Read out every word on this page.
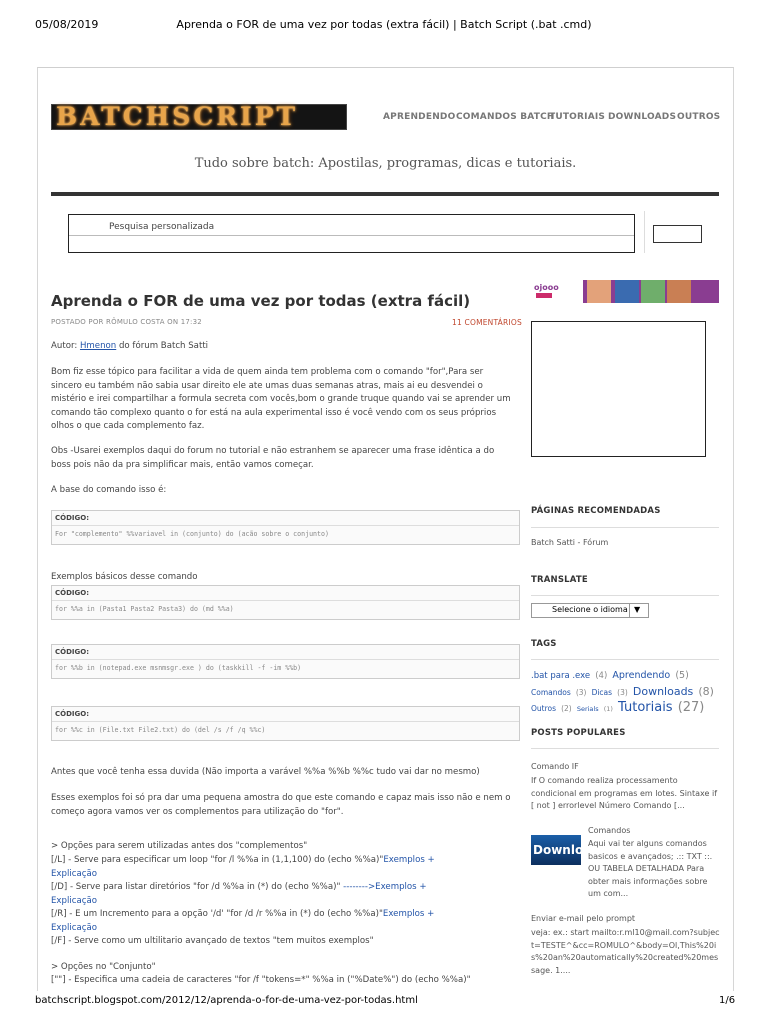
05/08/2019	Aprenda o FOR de uma vez por todas (extra fácil) | Batch Script (.bat .cmd)
BATCHSCRIPT	APRENDENDO COMANDOS BATCH
TUTORIAIS DOWNLOADS OUTROS
Tudo sobre batch: Apostilas, programas, dicas e tutoriais.
Pesquisa personalizada
Aprenda o FOR de uma vez por todas (extra fácil)
POSTADO POR RÔMULO COSTA ON 17:32	11 COMENTÁRIOS
Autor: Hmenon do fórum Batch Satti
Bom fiz esse tópico para facilitar a vida de quem ainda tem problema com o comando "for",Para ser sincero eu também não sabia usar direito ele ate umas duas semanas atras, mais ai eu desvendei o mistério e irei compartilhar a formula secreta com vocês,bom o grande truque quando vai se aprender um comando tão complexo quanto o for está na aula experimental isso é você vendo com os seus próprios olhos o que cada complemento faz.
Obs -Usarei exemplos daqui do forum no tutorial e não estranhem se aparecer uma frase idêntica a do boss pois não da pra simplificar mais, então vamos começar.
A base do comando isso é:
CÓDIGO:
For "complemento" %%variavel in (conjunto) do (acão sobre o conjunto)
Exemplos básicos desse comando
CÓDIGO:
for %%a in (Pasta1 Pasta2 Pasta3) do (md %%a)
CÓDIGO:
for %%b in (notepad.exe msnmsgr.exe ) do (taskkill -f -im %%b)
CÓDIGO:
for %%c in (File.txt File2.txt) do (del /s /f /q %%c)
Antes que você tenha essa duvida (Não importa a varável %%a %%b %%c tudo vai dar no mesmo)
Esses exemplos foi só pra dar uma pequena amostra do que este comando e capaz mais isso não e nem o começo agora vamos ver os complementos para utilização do "for".
> Opções para serem utilizadas antes dos "complementos"
[/L] - Serve para especificar um loop "for /l %%a in (1,1,100) do (echo %%a)"Exemplos + Explicação
[/D] - Serve para listar diretórios "for /d %%a in (*) do (echo %%a)" -------->Exemplos + Explicação
[/R] - E um Incremento para a opção '/d' "for /d /r %%a in (*) do (echo %%a)"Exemplos + Explicação
[/F] - Serve como um ultilitario avançado de textos "tem muitos exemplos"
> Opções no "Conjunto"
[""] - Especifica uma cadeia de caracteres "for /f "tokens=*" %%a in ("%Date%") do (echo %%a)"
ojooo
PÁGINAS RECOMENDADAS
Batch Satti - Fórum
TRANSLATE
Selecione o idioma ▼
TAGS
.bat para .exe (4) Aprendendo (5) Comandos (3) Dicas (3) Downloads (8) Outros (2) Serials (1) Tutoriais (27)
POSTS POPULARES
Comando IF
If O comando realiza processamento condicional em programas em lotes. Sintaxe if [ not ] errorlevel Número Comando [...
Comandos
Downloa
Aqui vai ter alguns comandos basicos e avançados; .:: TXT ::. OU TABELA DETALHADA Para obter mais informações sobre um com...
Enviar e-mail pelo prompt
veja: ex.: start mailto:r.ml10@mail.com?subject=TESTE^&cc=ROMULO^&body=Ol,This%20is%20an%20automatically%20created%20message. 1....
batchscript.blogspot.com/2012/12/aprenda-o-for-de-uma-vez-por-todas.html	1/6
